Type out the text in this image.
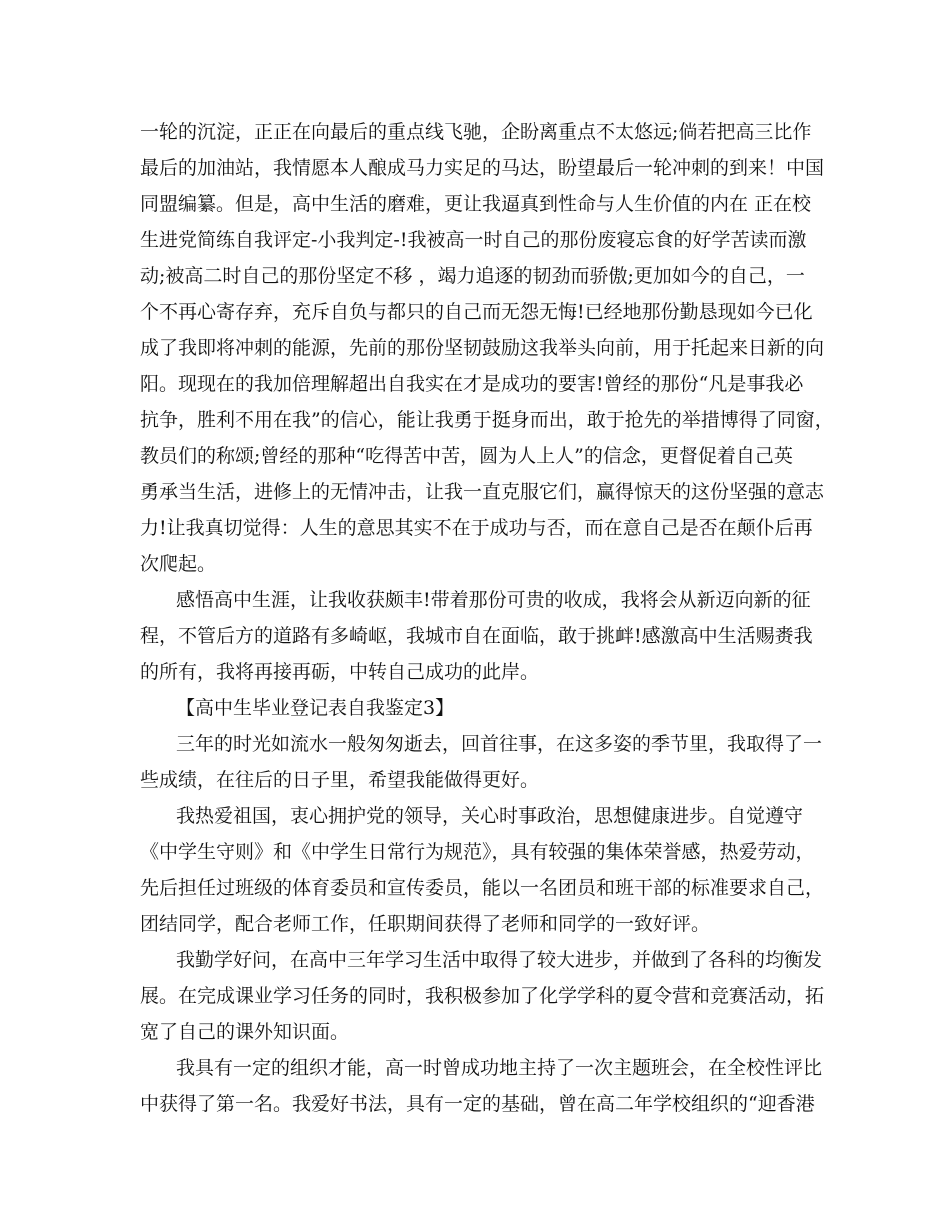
一轮的沉淀，正正在向最后的重点线飞驰，企盼离重点不太悠远;倘若把高三比作
最后的加油站，我情愿本人酿成马力实足的马达，盼望最后一轮冲刺的到来！中国
同盟编纂。但是，高中生活的磨难，更让我逼真到性命与人生价值的内在 正在校
生进党简练自我评定-小我判定-!我被高一时自己的那份废寝忘食的好学苦读而激
动;被高二时自己的那份坚定不移 ，竭力追逐的韧劲而骄傲;更加如今的自己，一
个不再心寄存弃，充斥自负与都只的自己而无怨无悔!已经地那份勤恳现如今已化
成了我即将冲刺的能源，先前的那份坚韧鼓励这我举头向前，用于托起来日新的向
阳。现现在的我加倍理解超出自我实在才是成功的要害!曾经的那份“凡是事我必
抗争，胜利不用在我”的信心，能让我勇于挺身而出，敢于抢先的举措博得了同窗，
教员们的称颂;曾经的那种“吃得苦中苦，圆为人上人”的信念，更督促着自己英
勇承当生活，进修上的无情冲击，让我一直克服它们，赢得惊天的这份坚强的意志
力!让我真切觉得：人生的意思其实不在于成功与否，而在意自己是否在颠仆后再
次爬起。
感悟高中生涯，让我收获颇丰!带着那份可贵的收成，我将会从新迈向新的征
程，不管后方的道路有多崎岖，我城市自在面临，敢于挑衅!感激高中生活赐赉我
的所有，我将再接再砺，中转自己成功的此岸。
【高中生毕业登记表自我鉴定3】
三年的时光如流水一般匆匆逝去，回首往事，在这多姿的季节里，我取得了一
些成绩，在往后的日子里，希望我能做得更好。
我热爱祖国，衷心拥护党的领导，关心时事政治，思想健康进步。自觉遵守
《中学生守则》和《中学生日常行为规范》，具有较强的集体荣誉感，热爱劳动，
先后担任过班级的体育委员和宣传委员，能以一名团员和班干部的标准要求自己，
团结同学，配合老师工作，任职期间获得了老师和同学的一致好评。
我勤学好问，在高中三年学习生活中取得了较大进步，并做到了各科的均衡发
展。在完成课业学习任务的同时，我积极参加了化学学科的夏令营和竞赛活动，拓
宽了自己的课外知识面。
我具有一定的组织才能，高一时曾成功地主持了一次主题班会，在全校性评比
中获得了第一名。我爱好书法，具有一定的基础，曾在高二年学校组织的“迎香港
